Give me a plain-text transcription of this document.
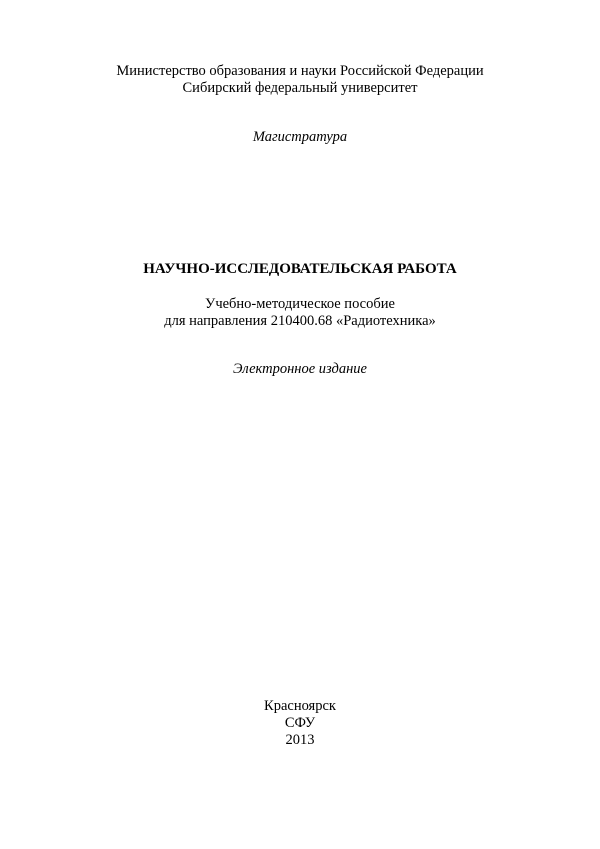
Министерство образования и науки Российской Федерации
Сибирский федеральный университет
Магистратура
НАУЧНО-ИССЛЕДОВАТЕЛЬСКАЯ РАБОТА
Учебно-методическое пособие
для направления 210400.68 «Радиотехника»
Электронное издание
Красноярск
СФУ
2013
